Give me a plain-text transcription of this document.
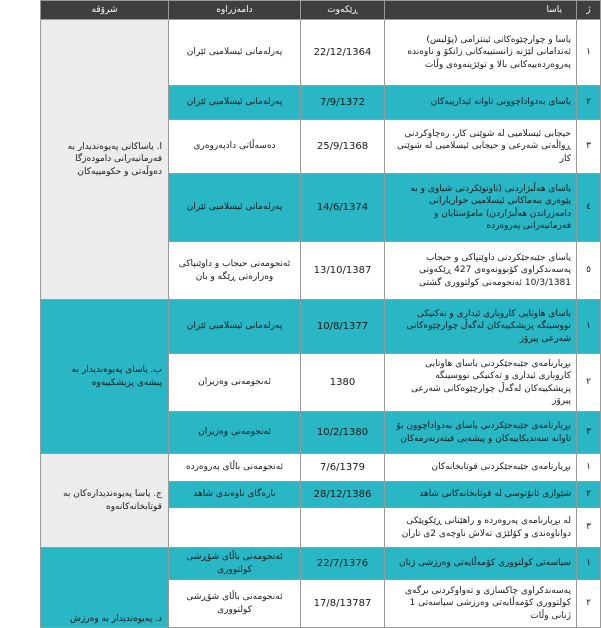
ژ	یاسا	ڕێکەوت	دامەزراوە	شرۆڤە
١	یاسا و چوارچێوەکانی ئینتزامی (پۆلیس) ئەندامانی لێژنە زانستییەکانی زانکۆ و ناوەندە پەروەردەییەکانی بالا و توێژینەوەی وڵات	22/12/1364	پەرلەمانی ئیسلامیی ئێران	ا. یاساکانی پەیوەندیدار بە فەرمانبەرانی دامودەزگا دەوڵەتی و حکومییەکان
٢	یاسای بەدواداچوونی تاوانە ئیدارییەکان	7/9/1372	پەرلەمانی ئیسلامیی ئێران	
٣	حیجابی ئیسلامیی لە شوێنی کار، رەچاوکردنی ڕواڵەتی شەرعی و حیجابی ئیسلامیی لە شوێنی کار	25/9/1368	دەسەڵاتی دادپەروەری	
٤	یاسای هەڵبژاردنی (تاوتوێکردنی شیاوی و بە پێوەری بنەماکانی ئیسلامیی خوازیارانی دامەزراندن هەڵبژاردن) مامۆستایان و فەرمانبەرانی پەروەردە	14/6/1374	پەرلەمانی ئیسلامیی ئێران	
٥	یاسای جێبەجێکردنی داوێنپاکی و حیجاب پەسەندکراوی کۆبوونەوەی 427 ڕێکەوتی 10/3/1381 ئەنجومەنی کولتووری گشتی	13/10/1387	ئەنجومەنی حیجاب و داوێنپاکی وەزارەتی ڕێگە و بان	
١	یاسای هاوتایی کاروباری ئیداری و تەکنیکی نووسینگە پزیشکییەکان لەگەڵ چوارچێوەکانی شەرعی پیرۆز	10/8/1377	پەرلەمانی ئیسلامیی ئێران	ب. یاسای پەیوەندیدار بە پیشەی پزیشکییەوە
٢	بڕیارنامەی جێبەجێکردنی یاسای هاوتایی کاروباری ئیداری و تەکنیکی نووسینگە پزیشکییەکان لەگەڵ چوارچێوەکانی شەرعی پیرۆز	1380	ئەنجومەنی وەزیران	
٣	بڕیارنامەی جێبەجێکردنی یاسای بەدواداچوون بۆ تاوانە سەندیکاییەکان و پیشەیی فیتەرنەرمەکان	10/2/1380	ئەنجومەنی وەزیران	
١	بڕیارنامەی جێبەجێکردنی قوتابخانەکان	7/6/1379	ئەنجومەنی باڵای پەروەردە	ج. یاسا پەیوەندیدارەکان بە قوتابخانەکانەوە
٢	شێوازی ئانۆتوسی لە قوتابخانەکانی شاهد	28/12/1386	بارەگای ناوەندی شاهد	
٣	لە بڕیارنامەی پەروەردە و راهێنانی ڕێکوپێکی دواناوەندی و کۆلێژی تەلاش ناوچەی 2ی تاران			
١	سیاسەتی کولتووری کۆمەڵایەتی وەرزشی ژنان	22/7/1376	ئەنجومەنی باڵای شۆڕشی کولتووری	د. پەیوەندیدار بە وەرزش
٢	پەسەندکراوی چاکسازی و تەواوکردنی برگەی کولتووری کۆمەڵایەتی وەرزشی سیاسەتی 1 ژنانی وڵات	17/8/13787	ئەنجومەنی باڵای شۆڕشی کولتووری	
